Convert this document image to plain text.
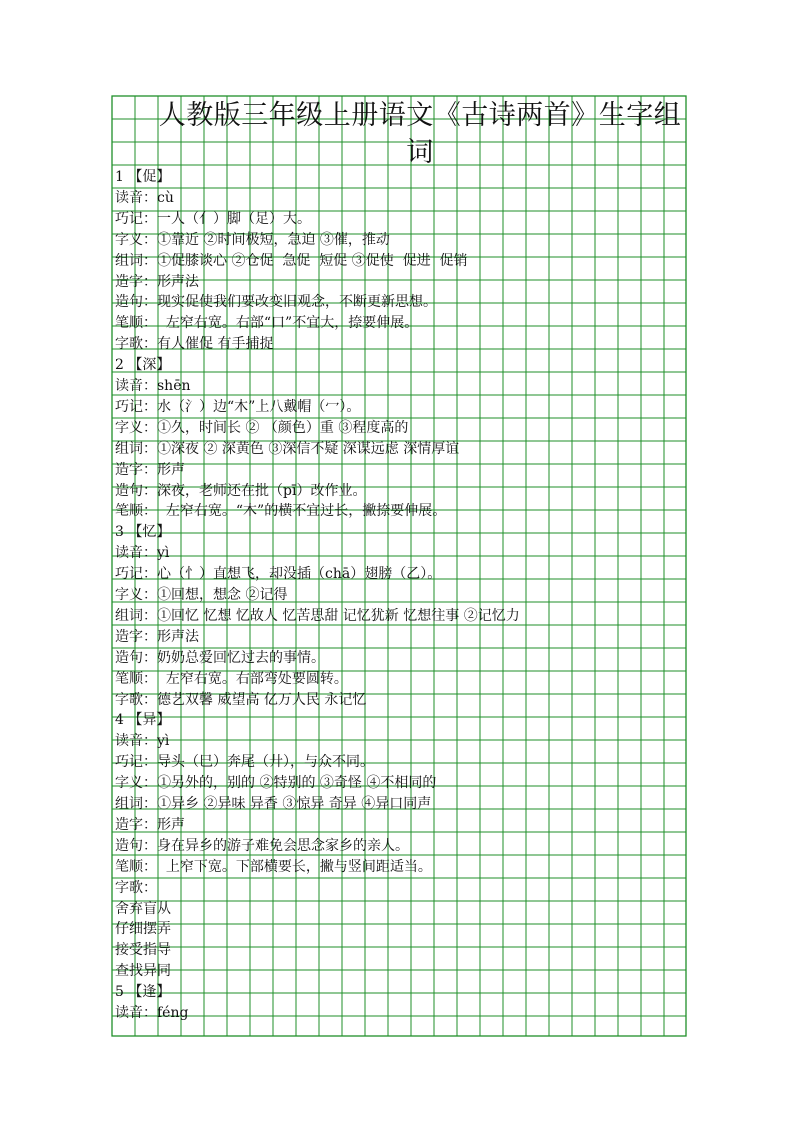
人教版三年级上册语文《古诗两首》生字组
词
1 【促】
读音：cù
巧记：一人（亻）脚（足）大。
字义：①靠近 ②时间极短，急迫 ③催，推动
组词：①促膝谈心 ②仓促  急促  短促 ③促使  促进  促销
造字：形声法
造句：现实促使我们要改变旧观念，不断更新思想。
笔顺：  左窄右宽。右部“口”不宜大，捺要伸展。
字歌：有人催促 有手捕捉
2 【深】
读音：shēn
巧记：水（氵）边“木”上八戴帽（冖）。
字义：①久，时间长 ② （颜色）重 ③程度高的
组词：①深夜 ② 深黄色 ③深信不疑 深谋远虑 深情厚谊
造字：形声
造句：深夜，老师还在批（pī）改作业。
笔顺：  左窄右宽。“木”的横不宜过长，撇捺要伸展。
3 【忆】
读音：yì
巧记：心（忄）直想飞，却没插（chā）翅膀（乙）。
字义：①回想，想念 ②记得
组词：①回忆 忆想 忆故人 忆苦思甜 记忆犹新 忆想往事 ②记忆力
造字：形声法
造句：奶奶总爱回忆过去的事情。
笔顺：  左窄右宽。右部弯处要圆转。
字歌：德艺双馨 威望高 亿万人民 永记忆
4 【异】
读音：yì
巧记：导头（巳）奔尾（廾），与众不同。
字义：①另外的，别的 ②特别的 ③奇怪 ④不相同的
组词：①异乡 ②异味 异香 ③惊异 奇异 ④异口同声
造字：形声
造句：身在异乡的游子难免会思念家乡的亲人。
笔顺：  上窄下宽。下部横要长，撇与竖间距适当。
字歌：
舍弃盲从
仔细摆弄
接受指导
查找异同
5 【逢】
读音：féng
